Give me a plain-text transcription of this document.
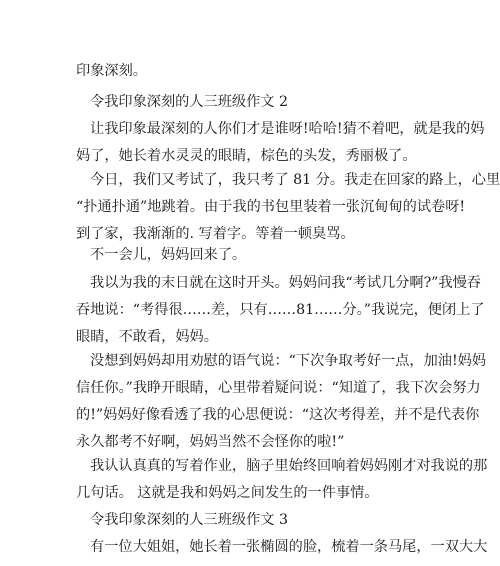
印象深刻。
令我印象深刻的人三班级作文 2
让我印象最深刻的人你们才是谁呀!哈哈!猜不着吧，就是我的妈
妈了，她长着水灵灵的眼睛，棕色的头发，秀丽极了。
今日，我们又考试了，我只考了 81 分。我走在回家的路上，心里
“扑通扑通”地跳着。由于我的书包里装着一张沉甸甸的试卷呀!
到了家，我渐渐的. 写着字。等着一顿臭骂。
不一会儿，妈妈回来了。
我以为我的末日就在这时开头。妈妈问我“考试几分啊?”我慢吞
吞地说：“考得很……差，只有……81……分。”我说完，便闭上了
眼睛，不敢看，妈妈。
没想到妈妈却用劝慰的语气说：“下次争取考好一点，加油!妈妈
信任你。”我睁开眼睛，心里带着疑问说：“知道了，我下次会努力
的!”妈妈好像看透了我的心思便说：“这次考得差，并不是代表你
永久都考不好啊，妈妈当然不会怪你的啦!”
我认认真真的写着作业，脑子里始终回响着妈妈刚才对我说的那
几句话。 这就是我和妈妈之间发生的一件事情。
令我印象深刻的人三班级作文 3
有一位大姐姐，她长着一张椭圆的脸，梳着一条马尾，一双大大
